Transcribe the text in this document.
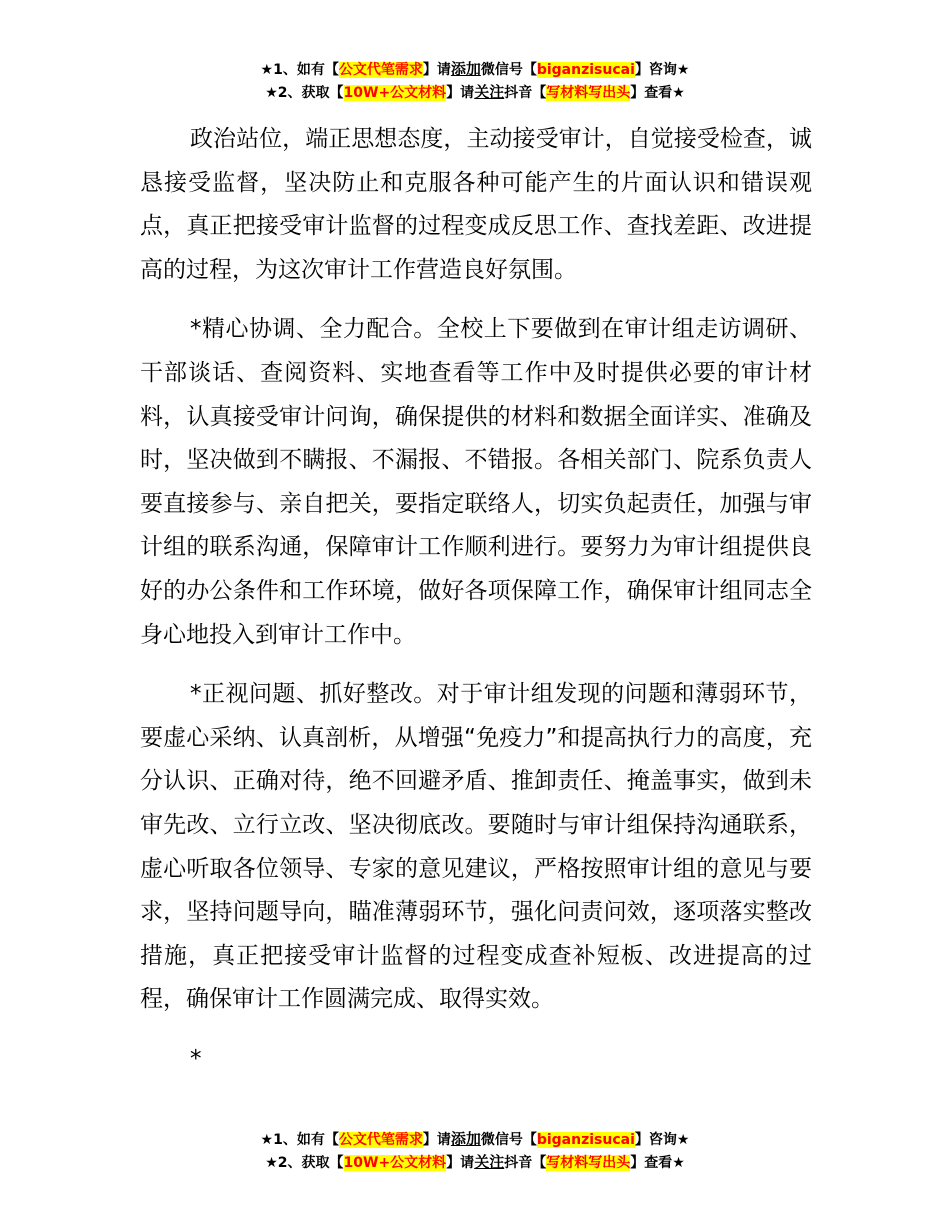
★1、如有【公文代笔需求】请添加微信号【biganzisucai】咨询★
★2、获取【10W+公文材料】请关注抖音【写材料写出头】查看★

政治站位，端正思想态度，主动接受审计，自觉接受检查，诚恳接受监督，坚决防止和克服各种可能产生的片面认识和错误观点，真正把接受审计监督的过程变成反思工作、查找差距、改进提高的过程，为这次审计工作营造良好氛围。

*精心协调、全力配合。全校上下要做到在审计组走访调研、干部谈话、查阅资料、实地查看等工作中及时提供必要的审计材料，认真接受审计问询，确保提供的材料和数据全面详实、准确及时，坚决做到不瞒报、不漏报、不错报。各相关部门、院系负责人要直接参与、亲自把关，要指定联络人，切实负起责任，加强与审计组的联系沟通，保障审计工作顺利进行。要努力为审计组提供良好的办公条件和工作环境，做好各项保障工作，确保审计组同志全身心地投入到审计工作中。

*正视问题、抓好整改。对于审计组发现的问题和薄弱环节，要虚心采纳、认真剖析，从增强“免疫力”和提高执行力的高度，充分认识、正确对待，绝不回避矛盾、推卸责任、掩盖事实，做到未审先改、立行立改、坚决彻底改。要随时与审计组保持沟通联系，虚心听取各位领导、专家的意见建议，严格按照审计组的意见与要求，坚持问题导向，瞄准薄弱环节，强化问责问效，逐项落实整改措施，真正把接受审计监督的过程变成查补短板、改进提高的过程，确保审计工作圆满完成、取得实效。

*

★1、如有【公文代笔需求】请添加微信号【biganzisucai】咨询★
★2、获取【10W+公文材料】请关注抖音【写材料写出头】查看★
